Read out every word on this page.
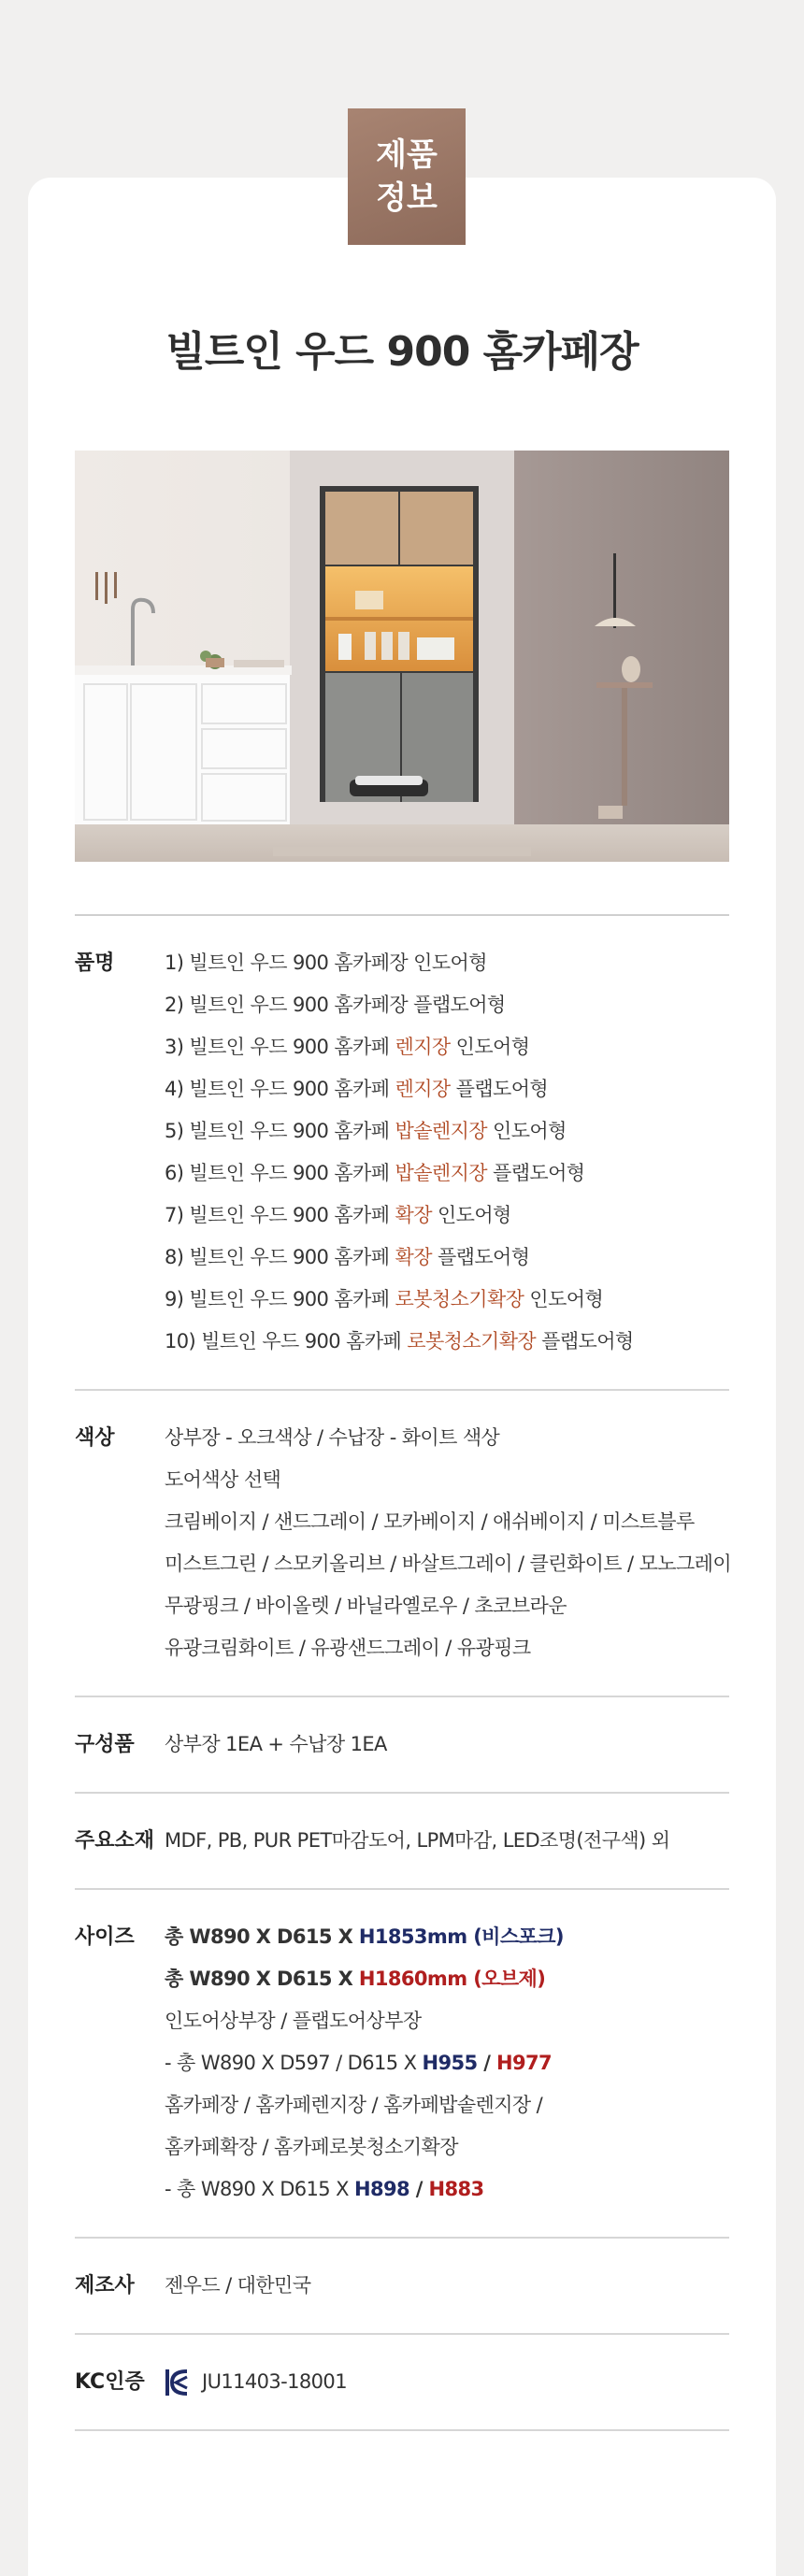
제품
정보
빌트인 우드 900 홈카페장
품명	1) 빌트인 우드 900 홈카페장 인도어형
2) 빌트인 우드 900 홈카페장 플랩도어형
3) 빌트인 우드 900 홈카페 렌지장 인도어형
4) 빌트인 우드 900 홈카페 렌지장 플랩도어형
5) 빌트인 우드 900 홈카페 밥솥렌지장 인도어형
6) 빌트인 우드 900 홈카페 밥솥렌지장 플랩도어형
7) 빌트인 우드 900 홈카페 확장 인도어형
8) 빌트인 우드 900 홈카페 확장 플랩도어형
9) 빌트인 우드 900 홈카페 로봇청소기확장 인도어형
10) 빌트인 우드 900 홈카페 로봇청소기확장 플랩도어형
색상	상부장 - 오크색상 / 수납장 - 화이트 색상
도어색상 선택
크림베이지 / 샌드그레이 / 모카베이지 / 애쉬베이지 / 미스트블루
미스트그린 / 스모키올리브 / 바살트그레이 / 클린화이트 / 모노그레이
무광핑크 / 바이올렛 / 바닐라옐로우 / 초코브라운
유광크림화이트 / 유광샌드그레이 / 유광핑크
구성품	상부장 1EA + 수납장 1EA
주요소재 MDF, PB, PUR PET마감도어, LPM마감, LED조명(전구색) 외
사이즈	총 W890 X D615 X H1853mm (비스포크)
총 W890 X D615 X H1860mm (오브제)
인도어상부장 / 플랩도어상부장
- 총 W890 X D597 / D615 X H955 / H977
홈카페장 / 홈카페렌지장 / 홈카페밥솥렌지장 /
홈카페확장 / 홈카페로봇청소기확장
- 총 W890 X D615 X H898 / H883
제조사	젠우드 / 대한민국
KC인증	JU11403-18001
